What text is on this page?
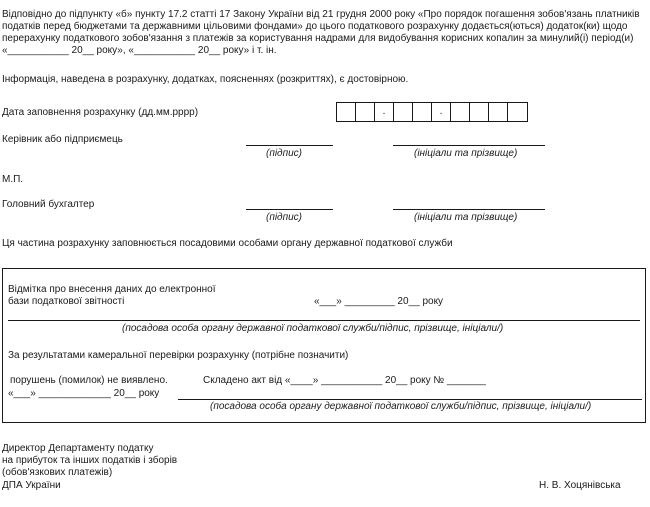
Відповідно до підпункту «б» пункту 17.2 статті 17 Закону України від 21 грудня 2000 року «Про порядок погашення зобов'язань платників податків перед бюджетами та державними цільовими фондами» до цього податкового розрахунку додається(ються) додаток(ки) щодо перерахунку податкового зобов'язання з платежів за користування надрами для видобування корисних копалин за минулий(і) період(и) «___________ 20__ року», «___________ 20__ року» і т. ін.
Інформація, наведена в розрахунку, додатках, поясненнях (розкриттях), є достовірною.
Дата заповнення розрахунку (дд.мм.рррр)	.	.
Керівник або підприємець
(підпис)	(ініціали та прізвище)
М.П.
Головний бухгалтер
(підпис)	(ініціали та прізвище)
Ця частина розрахунку заповнюється посадовими особами органу державної податкової служби
Відмітка про внесення даних до електронної
бази податкової звітності	«___» _________ 20__ року
(посадова особа органу державної податкової служби/підпис, прізвище, ініціали/)
За результатами камеральної перевірки розрахунку (потрібне позначити)
порушень (помилок) не виявлено.	Складено акт від «____» ___________ 20__ року № _______
«___» _____________ 20__ року
(посадова особа органу державної податкової служби/підпис, прізвище, ініціали/)
Директор Департаменту податку
на прибуток та інших податків і зборів
(обов'язкових платежів)
ДПА України	Н. В. Хоцянівська
